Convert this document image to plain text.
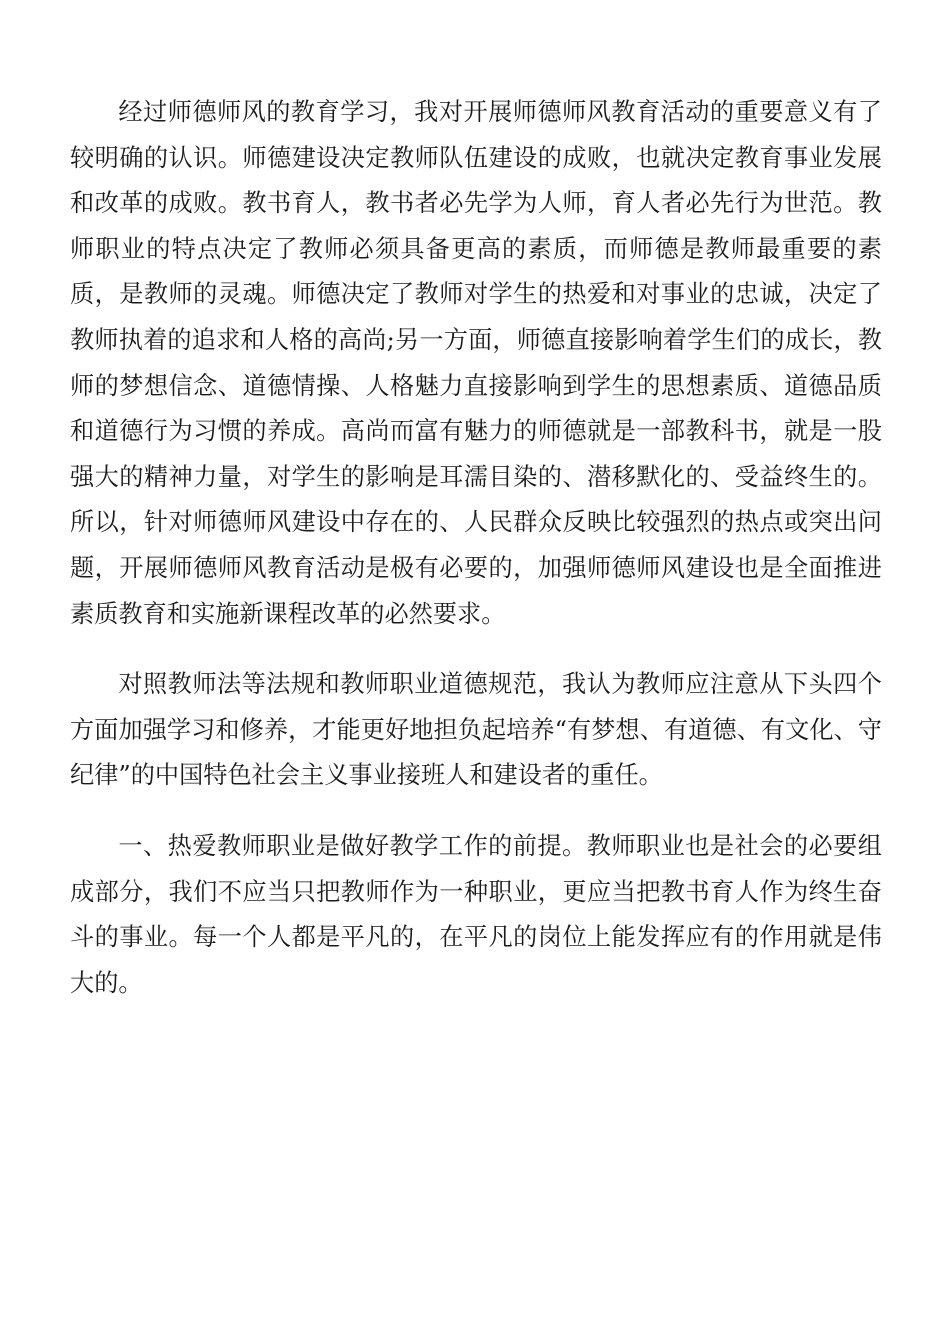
经过师德师风的教育学习，我对开展师德师风教育活动的重要意义有了较明确的认识。师德建设决定教师队伍建设的成败，也就决定教育事业发展和改革的成败。教书育人，教书者必先学为人师，育人者必先行为世范。教师职业的特点决定了教师必须具备更高的素质，而师德是教师最重要的素质，是教师的灵魂。师德决定了教师对学生的热爱和对事业的忠诚，决定了教师执着的追求和人格的高尚;另一方面，师德直接影响着学生们的成长，教师的梦想信念、道德情操、人格魅力直接影响到学生的思想素质、道德品质和道德行为习惯的养成。高尚而富有魅力的师德就是一部教科书，就是一股强大的精神力量，对学生的影响是耳濡目染的、潜移默化的、受益终生的。所以，针对师德师风建设中存在的、人民群众反映比较强烈的热点或突出问题，开展师德师风教育活动是极有必要的，加强师德师风建设也是全面推进素质教育和实施新课程改革的必然要求。

对照教师法等法规和教师职业道德规范，我认为教师应注意从下头四个方面加强学习和修养，才能更好地担负起培养“有梦想、有道德、有文化、守纪律”的中国特色社会主义事业接班人和建设者的重任。

一、热爱教师职业是做好教学工作的前提。教师职业也是社会的必要组成部分，我们不应当只把教师作为一种职业，更应当把教书育人作为终生奋斗的事业。每一个人都是平凡的，在平凡的岗位上能发挥应有的作用就是伟大的。
